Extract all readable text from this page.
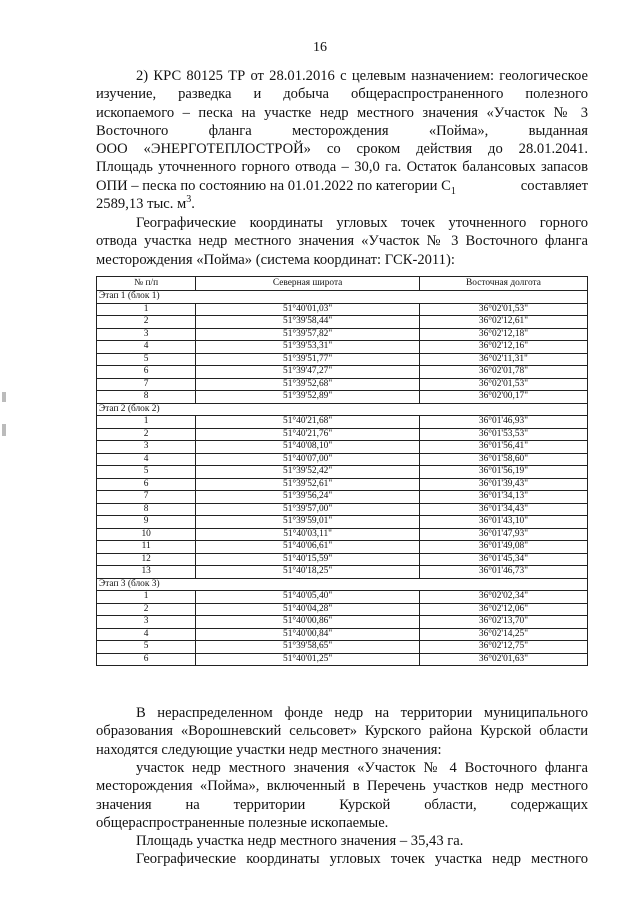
16
2) КРС 80125 ТР от 28.01.2016 с целевым назначением: геологическое
изучение, разведка и добыча общераспространенного полезного
ископаемого – песка на участке недр местного значения «Участок № 3
Восточного фланга месторождения «Пойма», выданная
ООО «ЭНЕРГОТЕПЛОСТРОЙ» со сроком действия до 28.01.2041.
Площадь уточненного горного отвода – 30,0 га. Остаток балансовых запасов
ОПИ – песка по состоянию на 01.01.2022 по категории $C_1$	составляет
2589,13 тыс. $м^3$.
Географические координаты угловых точек уточненного горного
отвода участка недр местного значения «Участок № 3 Восточного фланга
месторождения «Пойма» (система координат: ГСК-2011):
№ п/п	Северная широта	Восточная долгота
Этап 1 (блок 1)		
1	51°40'01,03"	36°02'01,53"
2	51°39'58,44"	36°02'12,61"
3	51°39'57,82"	36°02'12,18"
4	51°39'53,31"	36°02'12,16"
5	51°39'51,77"	36°02'11,31"
6	51°39'47,27"	36°02'01,78"
7	51°39'52,68"	36°02'01,53"
8	51°39'52,89"	36°02'00,17"
Этап 2 (блок 2)		
1	51°40'21,68"	36°01'46,93"
2	51°40'21,76"	36°01'53,53"
3	51°40'08,10"	36°01'56,41"
4	51°40'07,00"	36°01'58,60"
5	51°39'52,42"	36°01'56,19"
6	51°39'52,61"	36°01'39,43"
7	51°39'56,24"	36°01'34,13"
8	51°39'57,00"	36°01'34,43"
9	51°39'59,01"	36°01'43,10"
10	51°40'03,11"	36°01'47,93"
11	51°40'06,61"	36°01'49,08"
12	51°40'15,59"	36°01'45,34"
13	51°40'18,25"	36°01'46,73"
Этап 3 (блок 3)		
1	51°40'05,40"	36°02'02,34"
2	51°40'04,28"	36°02'12,06"
3	51°40'00,86"	36°02'13,70"
4	51°40'00,84"	36°02'14,25"
5	51°39'58,65"	36°02'12,75"
6	51°40'01,25"	36°02'01,63"
В нераспределенном фонде недр на территории муниципального
образования «Ворошневский сельсовет» Курского района Курской области
находятся следующие участки недр местного значения:
участок недр местного значения «Участок № 4 Восточного фланга
месторождения «Пойма», включенный в Перечень участков недр местного
значения на территории Курской области, содержащих
общераспространенные полезные ископаемые.
Площадь участка недр местного значения – 35,43 га.
Географические координаты угловых точек участка недр местного
